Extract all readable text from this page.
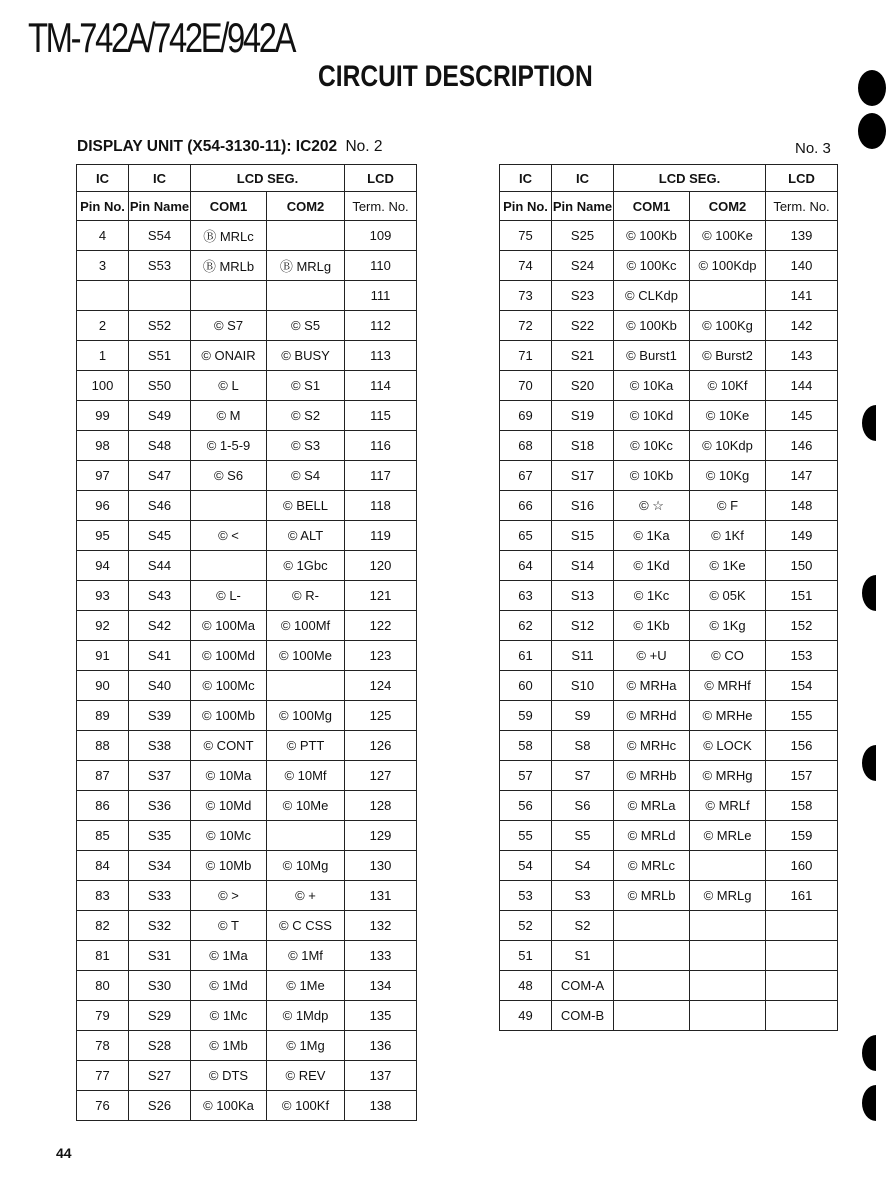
TM-742A/742E/942A
CIRCUIT DESCRIPTION
DISPLAY UNIT (X54-3130-11): IC202 No. 2	No. 3
IC	IC	LCD SEG.		LCD
Pin No.	Pin Name	COM1	COM2	Term. No.
4	S54	Ⓑ MRLc		109
3	S53	Ⓑ MRLb	Ⓑ MRLg	110
				111
2	S52	© S7	© S5	112
1	S51	© ONAIR	© BUSY	113
100	S50	© L	© S1	114
99	S49	© M	© S2	115
98	S48	© 1-5-9	© S3	116
97	S47	© S6	© S4	117
96	S46		© BELL	118
95	S45	© <	© ALT	119
94	S44		© 1Gbc	120
93	S43	© L-	© R-	121
92	S42	© 100Ma	© 100Mf	122
91	S41	© 100Md	© 100Me	123
90	S40	© 100Mc		124
89	S39	© 100Mb	© 100Mg	125
88	S38	© CONT	© PTT	126
87	S37	© 10Ma	© 10Mf	127
86	S36	© 10Md	© 10Me	128
85	S35	© 10Mc		129
84	S34	© 10Mb	© 10Mg	130
83	S33	© >	© +	131
82	S32	© T	© C CSS	132
81	S31	© 1Ma	© 1Mf	133
80	S30	© 1Md	© 1Me	134
79	S29	© 1Mc	© 1Mdp	135
78	S28	© 1Mb	© 1Mg	136
77	S27	© DTS	© REV	137
76	S26	© 100Ka	© 100Kf	138
IC	IC	LCD SEG.		LCD
Pin No.	Pin Name	COM1	COM2	Term. No.
75	S25	© 100Kb	© 100Ke	139
74	S24	© 100Kc	© 100Kdp	140
73	S23	© CLKdp		141
72	S22	© 100Kb	© 100Kg	142
71	S21	© Burst1	© Burst2	143
70	S20	© 10Ka	© 10Kf	144
69	S19	© 10Kd	© 10Ke	145
68	S18	© 10Kc	© 10Kdp	146
67	S17	© 10Kb	© 10Kg	147
66	S16	© ☆	© F	148
65	S15	© 1Ka	© 1Kf	149
64	S14	© 1Kd	© 1Ke	150
63	S13	© 1Kc	© 05K	151
62	S12	© 1Kb	© 1Kg	152
61	S11	© +U	© CO	153
60	S10	© MRHa	© MRHf	154
59	S9	© MRHd	© MRHe	155
58	S8	© MRHc	© LOCK	156
57	S7	© MRHb	© MRHg	157
56	S6	© MRLa	© MRLf	158
55	S5	© MRLd	© MRLe	159
54	S4	© MRLc		160
53	S3	© MRLb	© MRLg	161
52	S2			
51	S1			
48	COM-A			
49	COM-B			
44
